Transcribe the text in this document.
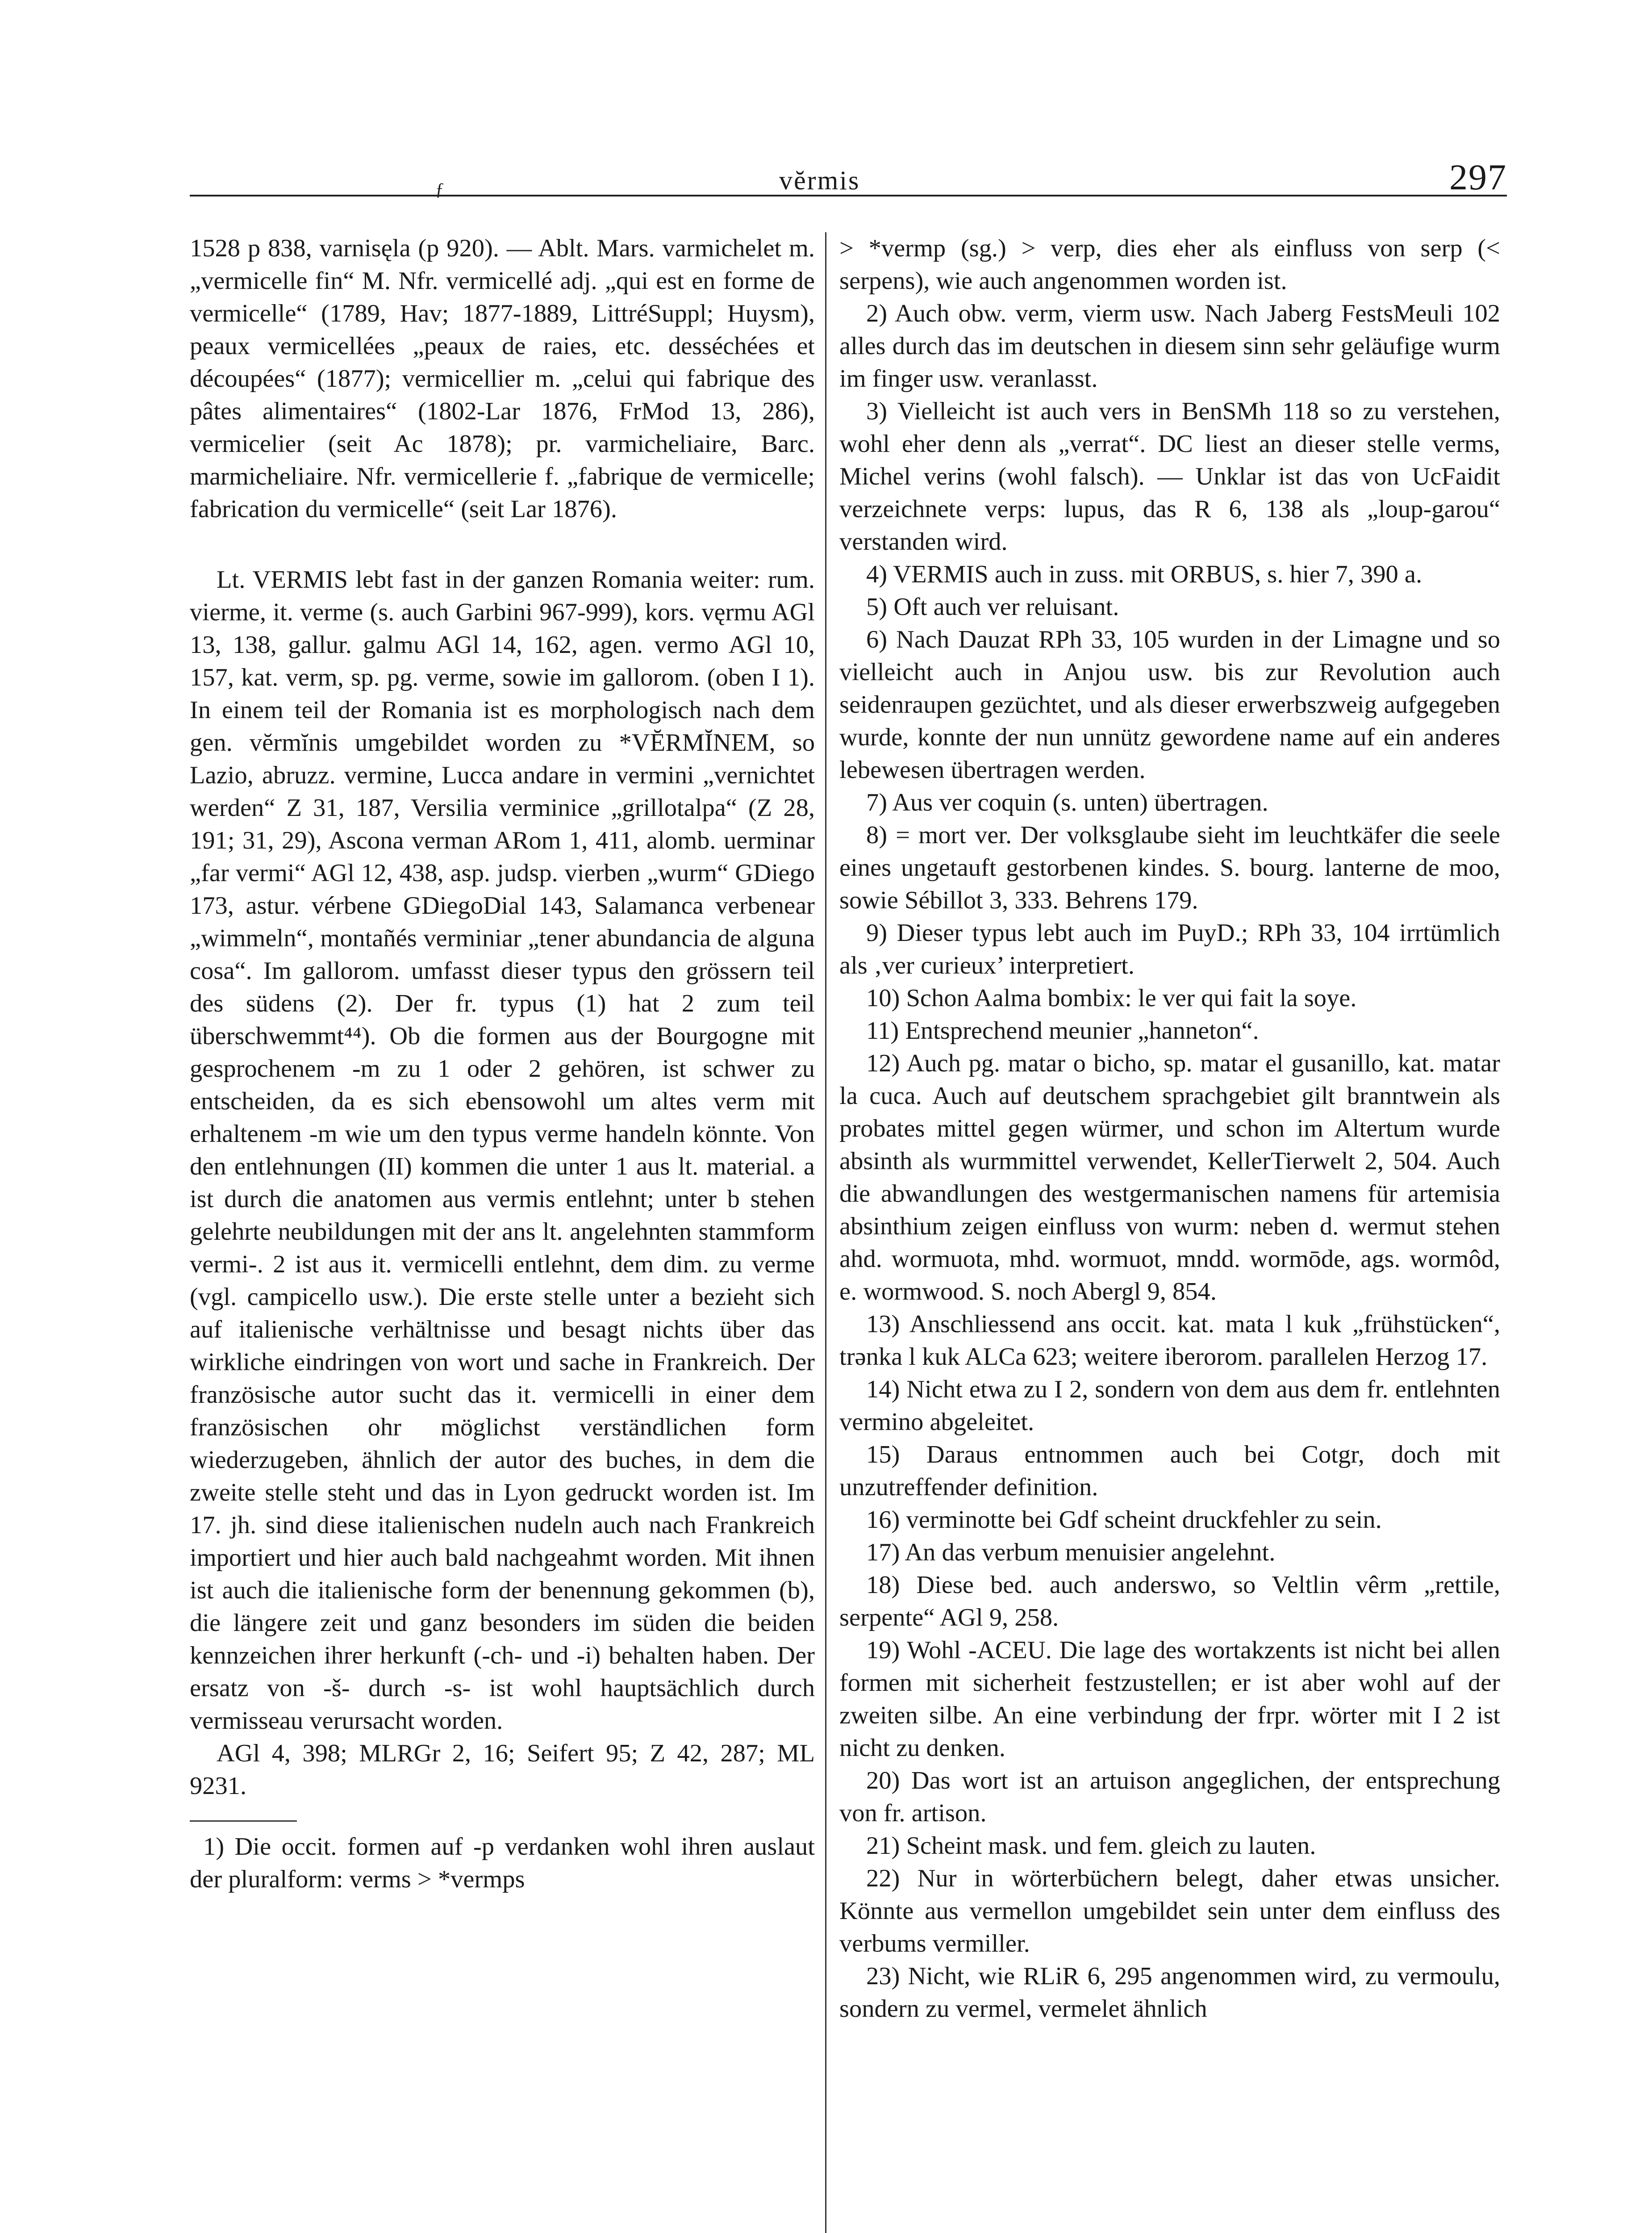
ƒ	vĕrmis	297

1528 p 838, varnisęla (p 920). — Ablt. Mars. varmichelet m. „vermicelle fin“ M. Nfr. vermicellé adj. „qui est en forme de vermicelle“ (1789, Hav; 1877-1889, LittréSuppl; Huysm), peaux vermicellées „peaux de raies, etc. desséchées et découpées“ (1877); vermicellier m. „celui qui fabrique des pâtes alimentaires“ (1802-Lar 1876, FrMod 13, 286), vermicelier (seit Ac 1878); pr. varmicheliaire, Barc. marmicheliaire. Nfr. vermicellerie f. „fabrique de vermicelle; fabrication du vermicelle“ (seit Lar 1876).

Lt. VERMIS lebt fast in der ganzen Romania weiter: rum. vierme, it. verme (s. auch Garbini 967-999), kors. vęrmu AGl 13, 138, gallur. galmu AGl 14, 162, agen. vermo AGl 10, 157, kat. verm, sp. pg. verme, sowie im gallorom. (oben I 1). In einem teil der Romania ist es morphologisch nach dem gen. vĕrmĭnis umgebildet worden zu *VĔRMĬNEM, so Lazio, abruzz. vermine, Lucca andare in vermini „vernichtet werden“ Z 31, 187, Versilia verminice „grillotalpa“ (Z 28, 191; 31, 29), Ascona verman ARom 1, 411, alomb. uerminar „far vermi“ AGl 12, 438, asp. judsp. vierben „wurm“ GDiego 173, astur. vérbene GDiegoDial 143, Salamanca verbenear „wimmeln“, montañés verminiar „tener abundancia de alguna cosa“. Im gallorom. umfasst dieser typus den grössern teil des südens (2). Der fr. typus (1) hat 2 zum teil überschwemmt⁴⁴). Ob die formen aus der Bourgogne mit gesprochenem -m zu 1 oder 2 gehören, ist schwer zu entscheiden, da es sich ebensowohl um altes verm mit erhaltenem -m wie um den typus verme handeln könnte. Von den entlehnungen (II) kommen die unter 1 aus lt. material. a ist durch die anatomen aus vermis entlehnt; unter b stehen gelehrte neubildungen mit der ans lt. angelehnten stammform vermi-. 2 ist aus it. vermicelli entlehnt, dem dim. zu verme (vgl. campicello usw.). Die erste stelle unter a bezieht sich auf italienische verhältnisse und besagt nichts über das wirkliche eindringen von wort und sache in Frankreich. Der französische autor sucht das it. vermicelli in einer dem französischen ohr möglichst verständlichen form wiederzugeben, ähnlich der autor des buches, in dem die zweite stelle steht und das in Lyon gedruckt worden ist. Im 17. jh. sind diese italienischen nudeln auch nach Frankreich importiert und hier auch bald nachgeahmt worden. Mit ihnen ist auch die italienische form der benennung gekommen (b), die längere zeit und ganz besonders im süden die beiden kennzeichen ihrer herkunft (-ch- und -i) behalten haben. Der ersatz von -š- durch -s- ist wohl hauptsächlich durch vermisseau verursacht worden.

AGl 4, 398; MLRGr 2, 16; Seifert 95; Z 42, 287; ML 9231.

1) Die occit. formen auf -p verdanken wohl ihren auslaut der pluralform: verms > *vermps

> *vermp (sg.) > verp, dies eher als einfluss von serp (< serpens), wie auch angenommen worden ist.

2) Auch obw. verm, vierm usw. Nach Jaberg FestsMeuli 102 alles durch das im deutschen in diesem sinn sehr geläufige wurm im finger usw. veranlasst.

3) Vielleicht ist auch vers in BenSMh 118 so zu verstehen, wohl eher denn als „verrat“. DC liest an dieser stelle verms, Michel verins (wohl falsch). — Unklar ist das von UcFaidit verzeichnete verps: lupus, das R 6, 138 als „loup-garou“ verstanden wird.

4) VERMIS auch in zuss. mit ORBUS, s. hier 7, 390 a.

5) Oft auch ver reluisant.

6) Nach Dauzat RPh 33, 105 wurden in der Limagne und so vielleicht auch in Anjou usw. bis zur Revolution auch seidenraupen gezüchtet, und als dieser erwerbszweig aufgegeben wurde, konnte der nun unnütz gewordene name auf ein anderes lebewesen übertragen werden.

7) Aus ver coquin (s. unten) übertragen.

8) = mort ver. Der volksglaube sieht im leuchtkäfer die seele eines ungetauft gestorbenen kindes. S. bourg. lanterne de moo, sowie Sébillot 3, 333. Behrens 179.

9) Dieser typus lebt auch im PuyD.; RPh 33, 104 irrtümlich als ‚ver curieux’ interpretiert.

10) Schon Aalma bombix: le ver qui fait la soye.

11) Entsprechend meunier „hanneton“.

12) Auch pg. matar o bicho, sp. matar el gusanillo, kat. matar la cuca. Auch auf deutschem sprachgebiet gilt branntwein als probates mittel gegen würmer, und schon im Altertum wurde absinth als wurmmittel verwendet, KellerTierwelt 2, 504. Auch die abwandlungen des westgermanischen namens für artemisia absinthium zeigen einfluss von wurm: neben d. wermut stehen ahd. wormuota, mhd. wormuot, mndd. wormōde, ags. wormôd, e. wormwood. S. noch Abergl 9, 854.

13) Anschliessend ans occit. kat. mata l kuk „frühstücken“, trənka l kuk ALCa 623; weitere iberorom. parallelen Herzog 17.

14) Nicht etwa zu I 2, sondern von dem aus dem fr. entlehnten vermino abgeleitet.

15) Daraus entnommen auch bei Cotgr, doch mit unzutreffender definition.

16) verminotte bei Gdf scheint druckfehler zu sein.

17) An das verbum menuisier angelehnt.

18) Diese bed. auch anderswo, so Veltlin vêrm „rettile, serpente“ AGl 9, 258.

19) Wohl -ACEU. Die lage des wortakzents ist nicht bei allen formen mit sicherheit festzustellen; er ist aber wohl auf der zweiten silbe. An eine verbindung der frpr. wörter mit I 2 ist nicht zu denken.

20) Das wort ist an artuison angeglichen, der entsprechung von fr. artison.

21) Scheint mask. und fem. gleich zu lauten.

22) Nur in wörterbüchern belegt, daher etwas unsicher. Könnte aus vermellon umgebildet sein unter dem einfluss des verbums vermiller.

23) Nicht, wie RLiR 6, 295 angenommen wird, zu vermoulu, sondern zu vermel, vermelet ähnlich
